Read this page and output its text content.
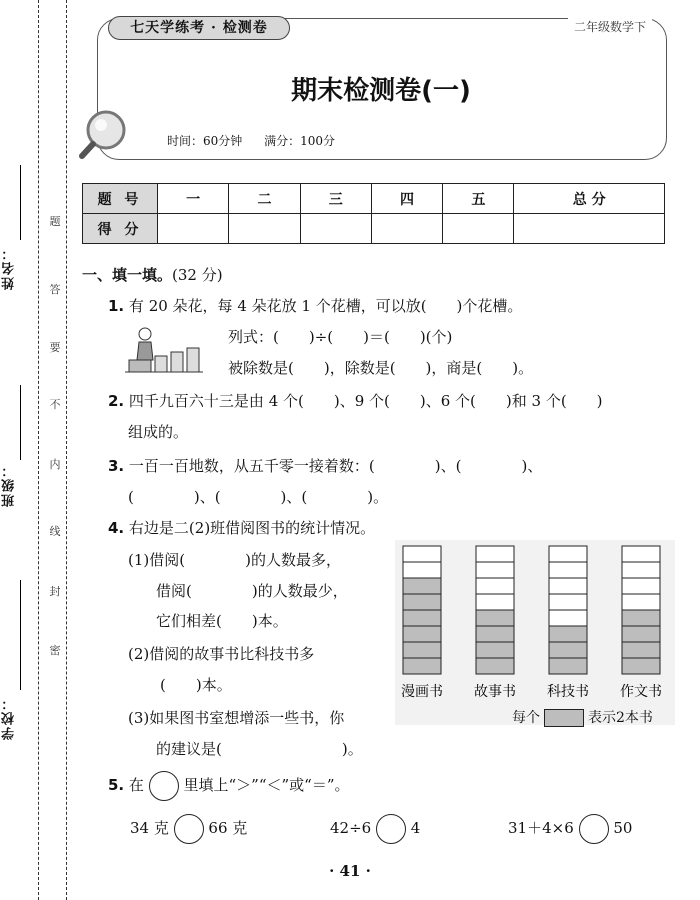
姓名：
班级：
学校：
题
答
要
不
内
线
封
密
七天学练考 · 检测卷	二年级数学下
期末检测卷(一)
时间：60分钟 满分：100分
题 号	一	二	三	四	五	总 分
得 分						
一、填一填。(32 分)
1. 有 20 朵花，每 4 朵花放 1 个花槽，可以放(　　)个花槽。
列式：(　　)÷(　　)＝(　　)(个)
被除数是(　　)，除数是(　　)，商是(　　)。
2. 四千九百六十三是由 4 个(　　)、9 个(　　)、6 个(　　)和 3 个(　　)
组成的。
3. 一百一百地数，从五千零一接着数：(　　　　)、(　　　　)、
(　　　　)、(　　　　)、(　　　　)。
4. 右边是二(2)班借阅图书的统计情况。
(1)借阅(　　　　)的人数最多，
借阅(　　　　)的人数最少，
它们相差(　　)本。
(2)借阅的故事书比科技书多
(　　)本。
(3)如果图书室想增添一些书，你
的建议是(　　　　　　　　)。
漫画书 故事书 科技书 作文书
每个	表示2本书
5. 在	里填上“＞”“＜”或“＝”。
34 克	66 克	42÷6	4	31＋4×6	50
· 41 ·
